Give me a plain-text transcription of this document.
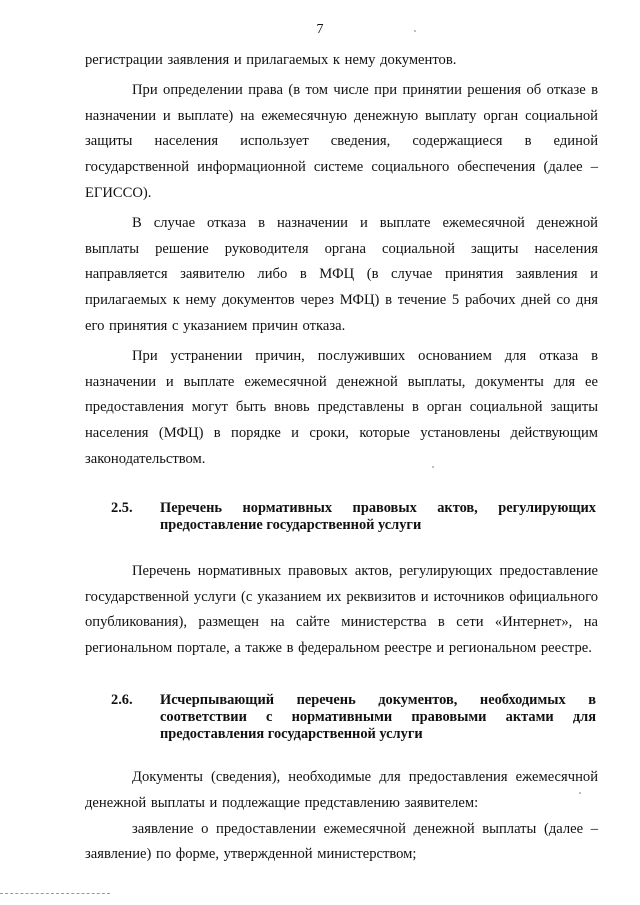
7

регистрации заявления и прилагаемых к нему документов.

При определении права (в том числе при принятии решения об отказе в назначении и выплате) на ежемесячную денежную выплату орган социальной защиты населения использует сведения, содержащиеся в единой государственной информационной системе социального обеспечения (далее – ЕГИССО).

В случае отказа в назначении и выплате ежемесячной денежной выплаты решение руководителя органа социальной защиты населения направляется заявителю либо в МФЦ (в случае принятия заявления и прилагаемых к нему документов через МФЦ) в течение 5 рабочих дней со дня его принятия с указанием причин отказа.

При устранении причин, послуживших основанием для отказа в назначении и выплате ежемесячной денежной выплаты, документы для ее предоставления могут быть вновь представлены в орган социальной защиты населения (МФЦ) в порядке и сроки, которые установлены действующим законодательством.

2.5.	Перечень нормативных правовых актов, регулирующих предоставление государственной услуги

Перечень нормативных правовых актов, регулирующих предоставление государственной услуги (с указанием их реквизитов и источников официального опубликования), размещен на сайте министерства в сети «Интернет», на региональном портале, а также в федеральном реестре и региональном реестре.

2.6.	Исчерпывающий перечень документов, необходимых в соответствии с нормативными правовыми актами для предоставления государственной услуги

Документы (сведения), необходимые для предоставления ежемесячной денежной выплаты и подлежащие представлению заявителем:

заявление о предоставлении ежемесячной денежной выплаты (далее – заявление) по форме, утвержденной министерством;
